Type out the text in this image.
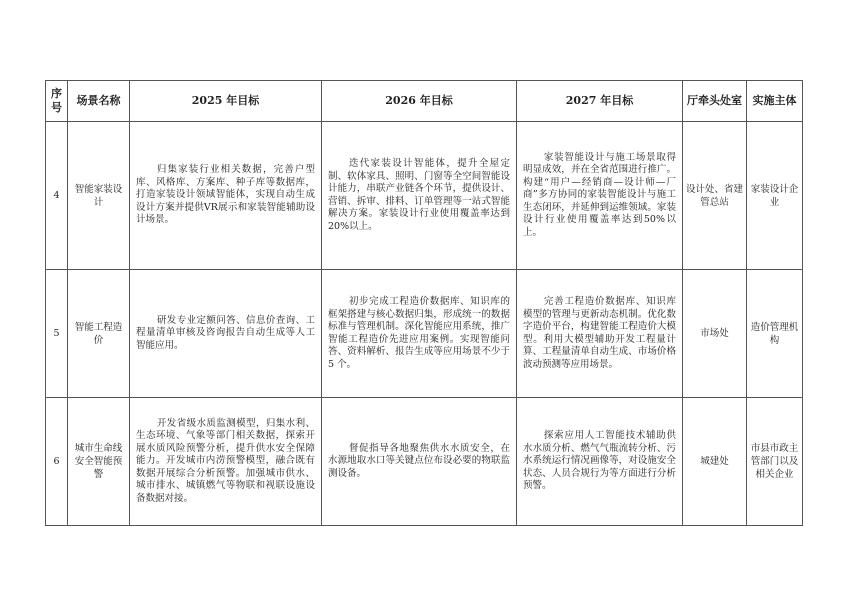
序号	场景名称	2025 年目标	2026 年目标	2027 年目标	厅牵头处室	实施主体
4	智能家装设计	归集家装行业相关数据，完善户型库、风格库、方案库、种子库等数据库，打造家装设计领域智能体，实现自动生成设计方案并提供VR展示和家装智能辅助设计场景。	迭代家装设计智能体，提升全屋定制、软体家具、照明、门窗等全空间智能设计能力，串联产业链各个环节，提供设计、营销、拆审、排料、订单管理等一站式智能解决方案。家装设计行业使用覆盖率达到 20%以上。	家装智能设计与施工场景取得明显成效，并在全省范围进行推广。构建“用户—经销商—设计师—厂商”多方协同的家装智能设计与施工生态闭环，并延伸到运维领域。家装设计行业使用覆盖率达到50%以上。	设计处、省建管总站	家装设计企业
5	智能工程造价	研发专业定额问答、信息价查询、工程量清单审核及咨询报告自动生成等人工智能应用。	初步完成工程造价数据库、知识库的框架搭建与核心数据归集，形成统一的数据标准与管理机制。深化智能应用系统，推广智能工程造价先进应用案例。实现智能问答、资料解析、报告生成等应用场景不少于 5 个。	完善工程造价数据库、知识库模型的管理与更新动态机制。优化数字造价平台，构建智能工程造价大模型。利用大模型辅助开发工程量计算、工程量清单自动生成、市场价格波动预测等应用场景。	市场处	造价管理机构
6	城市生命线安全智能预警	开发省级水质监测模型，归集水利、生态环境、气象等部门相关数据，探索开展水质风险预警分析，提升供水安全保障能力。开发城市内涝预警模型，融合既有数据开展综合分析预警。加强城市供水、城市排水、城镇燃气等物联和视联设施设备数据对接。	督促指导各地聚焦供水水质安全，在水源地取水口等关键点位布设必要的物联监测设备。	探索应用人工智能技术辅助供水水质分析、燃气气瓶流转分析、污水系统运行情况画像等，对设施安全状态、人员合规行为等方面进行分析预警。	城建处	市县市政主管部门以及相关企业
